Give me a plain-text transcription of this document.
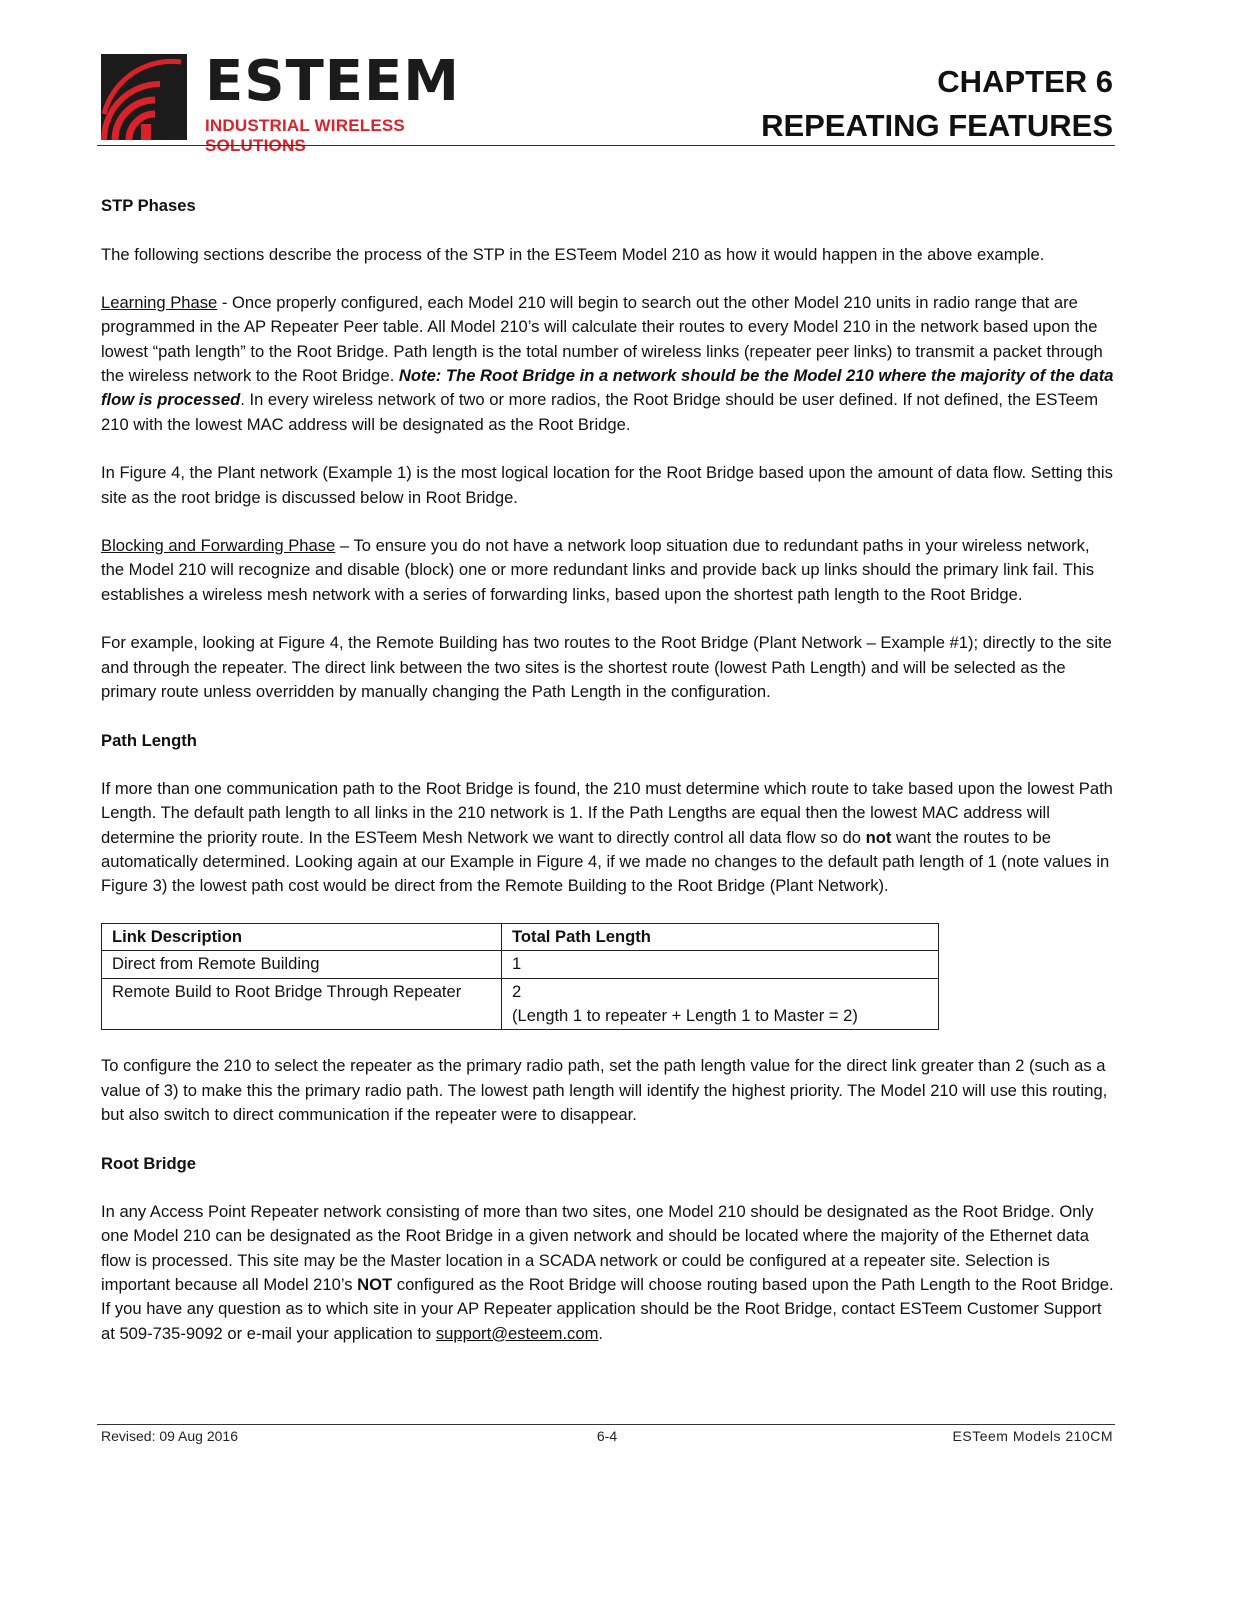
ESTEEM
INDUSTRIAL WIRELESS SOLUTIONS
CHAPTER 6
REPEATING FEATURES
STP Phases

The following sections describe the process of the STP in the ESTeem Model 210 as how it would happen in the above example.

Learning Phase - Once properly configured, each Model 210 will begin to search out the other Model 210 units in radio range that are programmed in the AP Repeater Peer table. All Model 210’s will calculate their routes to every Model 210 in the network based upon the lowest “path length” to the Root Bridge. Path length is the total number of wireless links (repeater peer links) to transmit a packet through the wireless network to the Root Bridge. Note: The Root Bridge in a network should be the Model 210 where the majority of the data flow is processed. In every wireless network of two or more radios, the Root Bridge should be user defined. If not defined, the ESTeem 210 with the lowest MAC address will be designated as the Root Bridge.

In Figure 4, the Plant network (Example 1) is the most logical location for the Root Bridge based upon the amount of data flow. Setting this site as the root bridge is discussed below in Root Bridge.

Blocking and Forwarding Phase – To ensure you do not have a network loop situation due to redundant paths in your wireless network, the Model 210 will recognize and disable (block) one or more redundant links and provide back up links should the primary link fail. This establishes a wireless mesh network with a series of forwarding links, based upon the shortest path length to the Root Bridge.

For example, looking at Figure 4, the Remote Building has two routes to the Root Bridge (Plant Network – Example #1); directly to the site and through the repeater. The direct link between the two sites is the shortest route (lowest Path Length) and will be selected as the primary route unless overridden by manually changing the Path Length in the configuration.

Path Length

If more than one communication path to the Root Bridge is found, the 210 must determine which route to take based upon the lowest Path Length. The default path length to all links in the 210 network is 1. If the Path Lengths are equal then the lowest MAC address will determine the priority route. In the ESTeem Mesh Network we want to directly control all data flow so do not want the routes to be automatically determined. Looking again at our Example in Figure 4, if we made no changes to the default path length of 1 (note values in Figure 3) the lowest path cost would be direct from the Remote Building to the Root Bridge (Plant Network).

Link Description	Total Path Length
Direct from Remote Building	1

Remote Build to Root Bridge Through Repeater	2
(Length 1 to repeater + Length 1 to Master = 2)

To configure the 210 to select the repeater as the primary radio path, set the path length value for the direct link greater than 2 (such as a value of 3) to make this the primary radio path. The lowest path length will identify the highest priority. The Model 210 will use this routing, but also switch to direct communication if the repeater were to disappear.

Root Bridge

In any Access Point Repeater network consisting of more than two sites, one Model 210 should be designated as the Root Bridge. Only one Model 210 can be designated as the Root Bridge in a given network and should be located where the majority of the Ethernet data flow is processed. This site may be the Master location in a SCADA network or could be configured at a repeater site. Selection is important because all Model 210’s NOT configured as the Root Bridge will choose routing based upon the Path Length to the Root Bridge. If you have any question as to which site in your AP Repeater application should be the Root Bridge, contact ESTeem Customer Support at 509-735-9092 or e-mail your application to support@esteem.com.

Revised: 09 Aug 2016	6-4	ESTeem Models 210CM
